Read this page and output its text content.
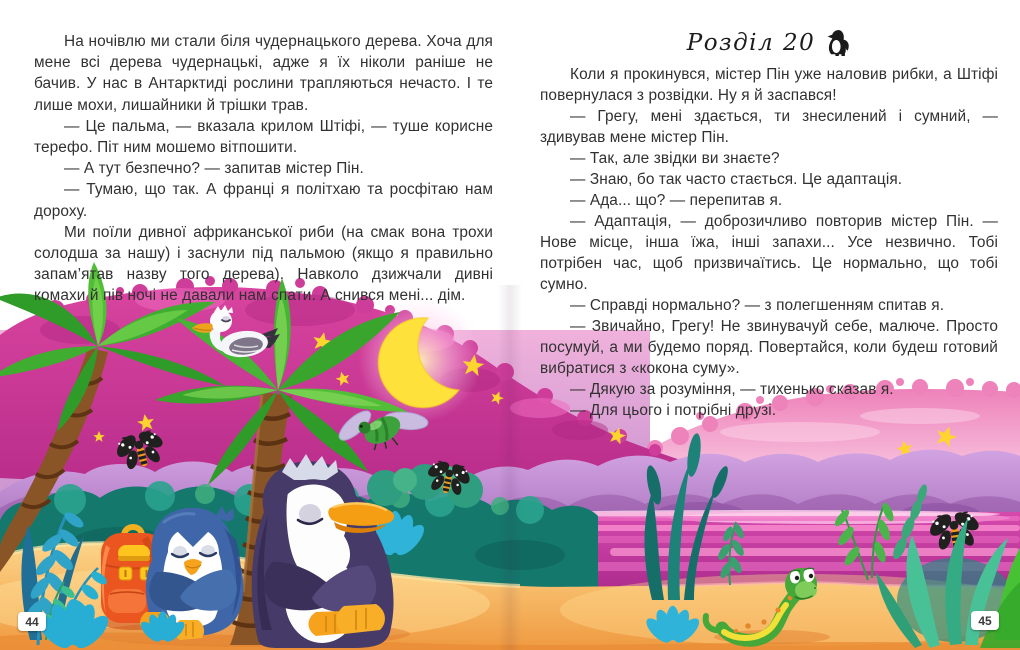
На ночівлю ми стали біля чудернацького дерева. Хоча для мене всі дерева чудернацькі, адже я їх ніколи раніше не бачив. У нас в Антарктиді рослини трапляються нечасто. І те лише мохи, лишайники й трішки трав.

— Це пальма, — вказала крилом Штіфі, — туше корисне терефо. Піт ним мошемо вітпошити.

— А тут безпечно? — запитав містер Пін.

— Тумаю, що так. А франці я політхаю та росфітаю нам дороху.

Ми поїли дивної африканської риби (на смак вона трохи солодша за нашу) і заснули під пальмою (якщо я правильно запам’ятав назву того дерева). Навколо дзижчали дивні комахи й пів ночі не давали нам спати. А снився мені... дім.

Розділ 20

Коли я прокинувся, містер Пін уже наловив рибки, а Штіфі повернулася з розвідки. Ну я й заспався!

— Грегу, мені здається, ти знесилений і сумний, — здивував мене містер Пін.

— Так, але звідки ви знаєте?

— Знаю, бо так часто стається. Це адаптація.

— Ада... що? — перепитав я.

— Адаптація, — доброзичливо повторив містер Пін. — Нове місце, інша їжа, інші запахи... Усе незвично. Тобі потрібен час, щоб призвичаїтись. Це нормально, що тобі сумно.

— Справді нормально? — з полегшенням спитав я.

— Звичайно, Грегу! Не звинувачуй себе, малюче. Просто посумуй, а ми будемо поряд. Повертайся, коли будеш готовий вибратися з «кокона суму».

— Дякую за розуміння, — тихенько сказав я.

— Для цього і потрібні друзі.

44	45
